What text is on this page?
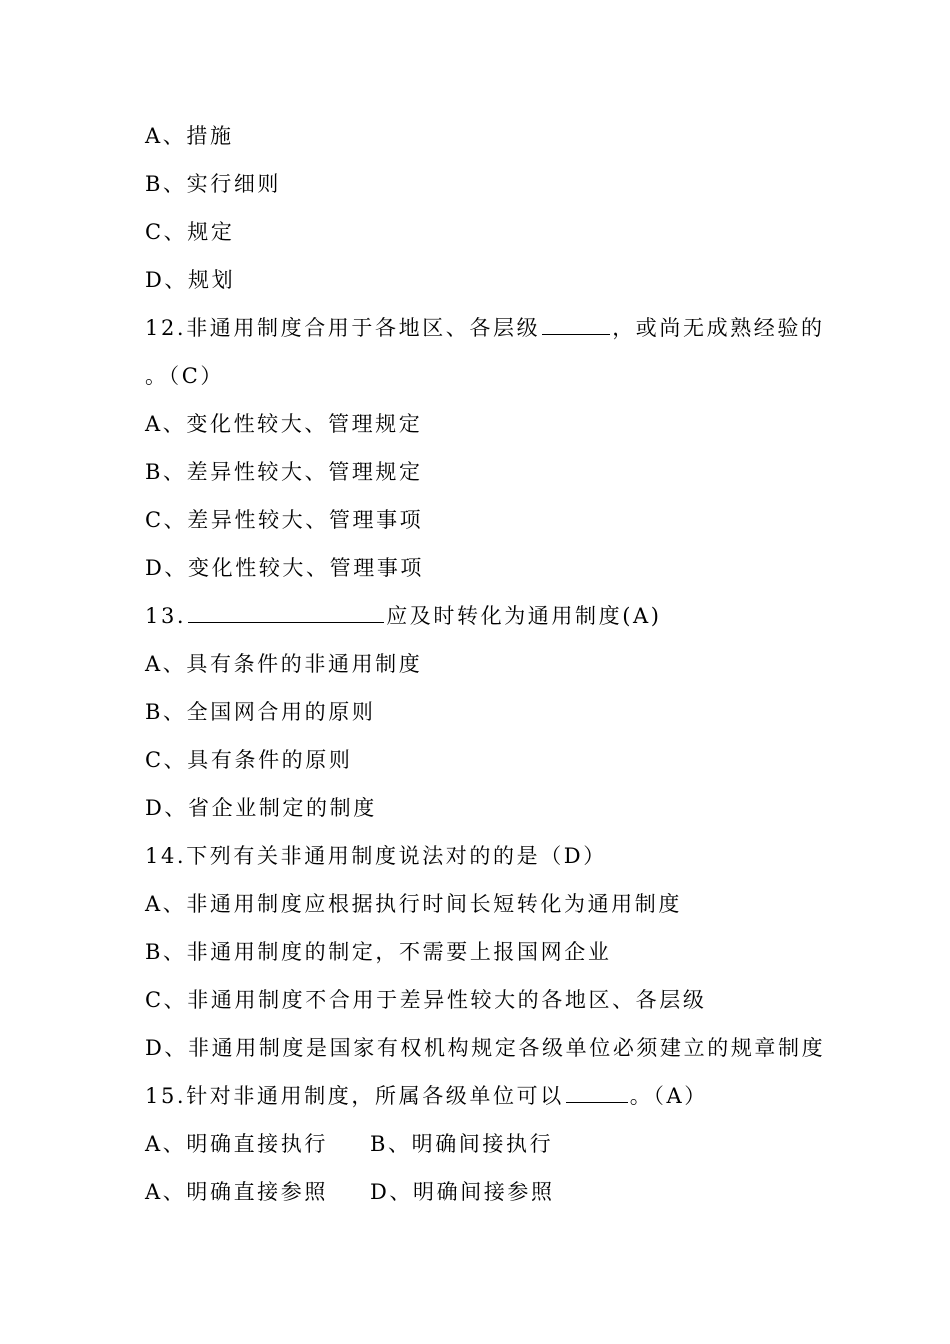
A、措施
B、实行细则
C、规定
D、规划
12.非通用制度合用于各地区、各层级	，或尚无成熟经验的
。（C）
A、变化性较大、管理规定
B、差异性较大、管理规定
C、差异性较大、管理事项
D、变化性较大、管理事项
13.	应及时转化为通用制度(A)
A、具有条件的非通用制度
B、全国网合用的原则
C、具有条件的原则
D、省企业制定的制度
14.下列有关非通用制度说法对的的是（D）
A、非通用制度应根据执行时间长短转化为通用制度
B、非通用制度的制定，不需要上报国网企业
C、非通用制度不合用于差异性较大的各地区、各层级
D、非通用制度是国家有权机构规定各级单位必须建立的规章制度
15.针对非通用制度，所属各级单位可以	。（A）
A、明确直接执行 B、明确间接执行
A、明确直接参照 D、明确间接参照
